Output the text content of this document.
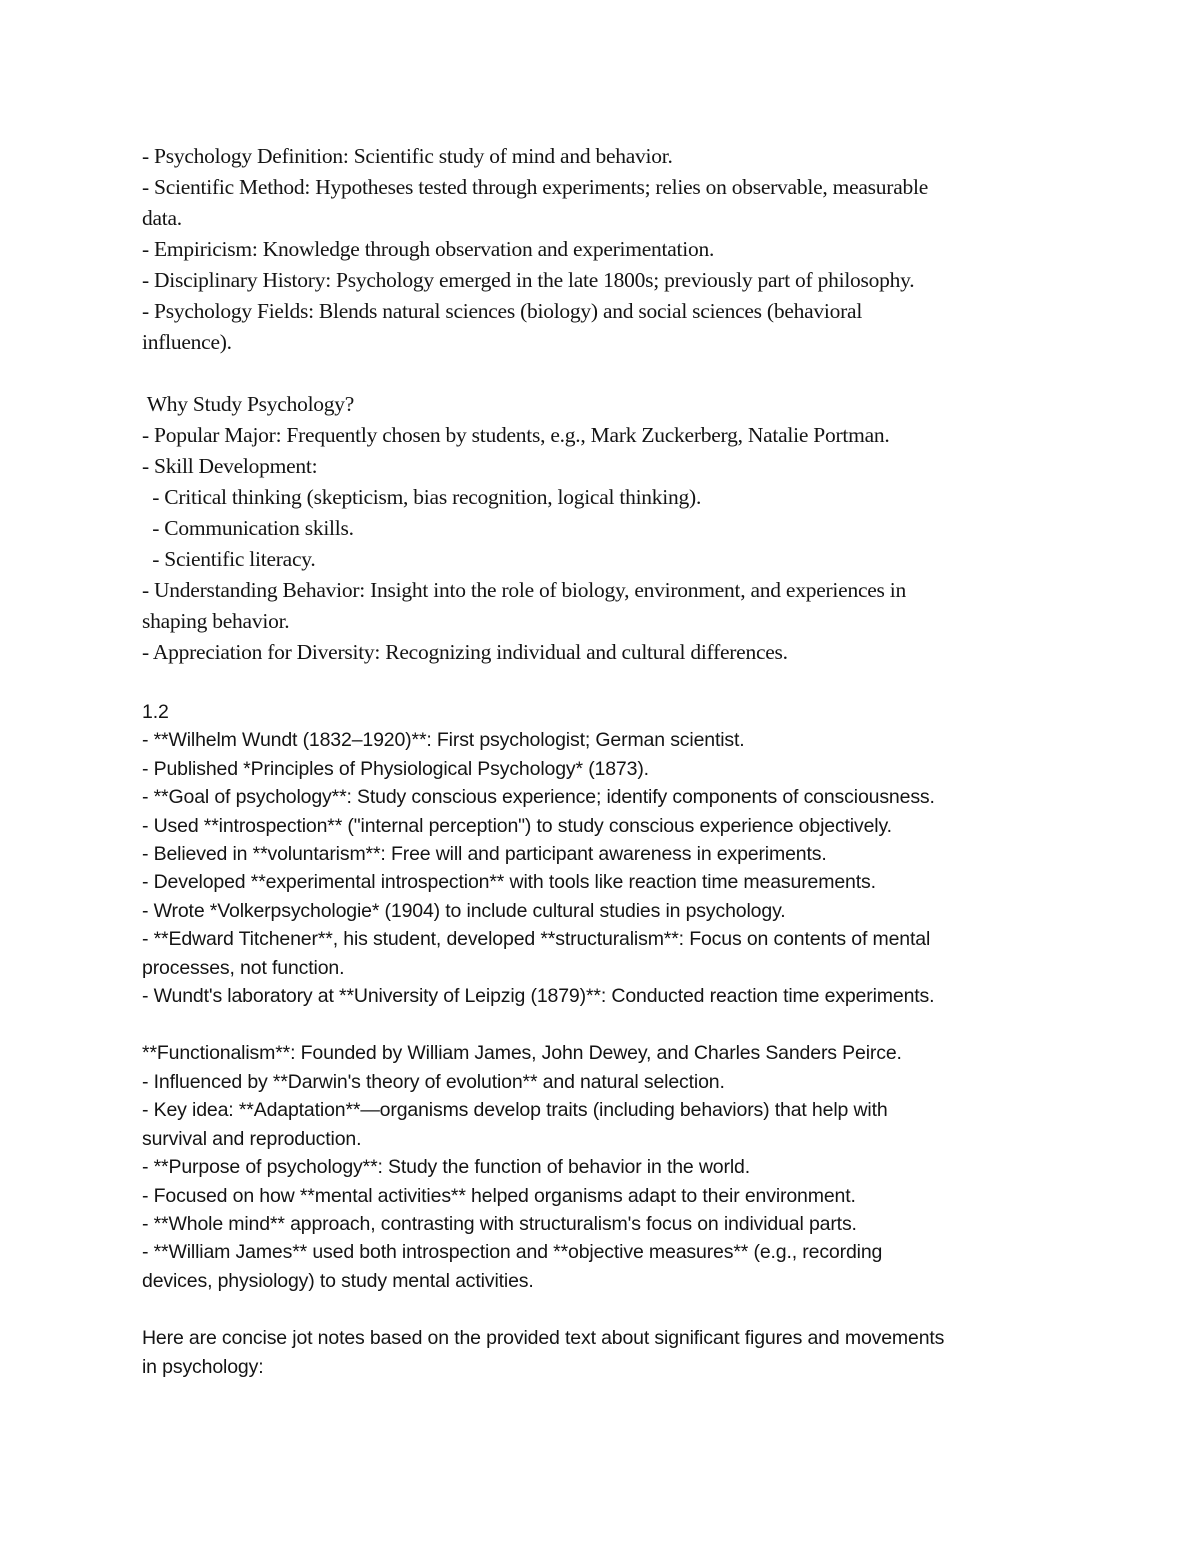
- Psychology Definition: Scientific study of mind and behavior.
- Scientific Method: Hypotheses tested through experiments; relies on observable, measurable
data.
- Empiricism: Knowledge through observation and experimentation.
- Disciplinary History: Psychology emerged in the late 1800s; previously part of philosophy.
- Psychology Fields: Blends natural sciences (biology) and social sciences (behavioral
influence).
Why Study Psychology?
- Popular Major: Frequently chosen by students, e.g., Mark Zuckerberg, Natalie Portman.
- Skill Development:
- Critical thinking (skepticism, bias recognition, logical thinking).
- Communication skills.
- Scientific literacy.
- Understanding Behavior: Insight into the role of biology, environment, and experiences in
shaping behavior.
- Appreciation for Diversity: Recognizing individual and cultural differences.
1.2
- **Wilhelm Wundt (1832–1920)**: First psychologist; German scientist.
- Published *Principles of Physiological Psychology* (1873).
- **Goal of psychology**: Study conscious experience; identify components of consciousness.
- Used **introspection** ("internal perception") to study conscious experience objectively.
- Believed in **voluntarism**: Free will and participant awareness in experiments.
- Developed **experimental introspection** with tools like reaction time measurements.
- Wrote *Volkerpsychologie* (1904) to include cultural studies in psychology.
- **Edward Titchener**, his student, developed **structuralism**: Focus on contents of mental
processes, not function.
- Wundt's laboratory at **University of Leipzig (1879)**: Conducted reaction time experiments.
**Functionalism**: Founded by William James, John Dewey, and Charles Sanders Peirce.
- Influenced by **Darwin's theory of evolution** and natural selection.
- Key idea: **Adaptation**—organisms develop traits (including behaviors) that help with
survival and reproduction.
- **Purpose of psychology**: Study the function of behavior in the world.
- Focused on how **mental activities** helped organisms adapt to their environment.
- **Whole mind** approach, contrasting with structuralism's focus on individual parts.
- **William James** used both introspection and **objective measures** (e.g., recording
devices, physiology) to study mental activities.
Here are concise jot notes based on the provided text about significant figures and movements
in psychology:
